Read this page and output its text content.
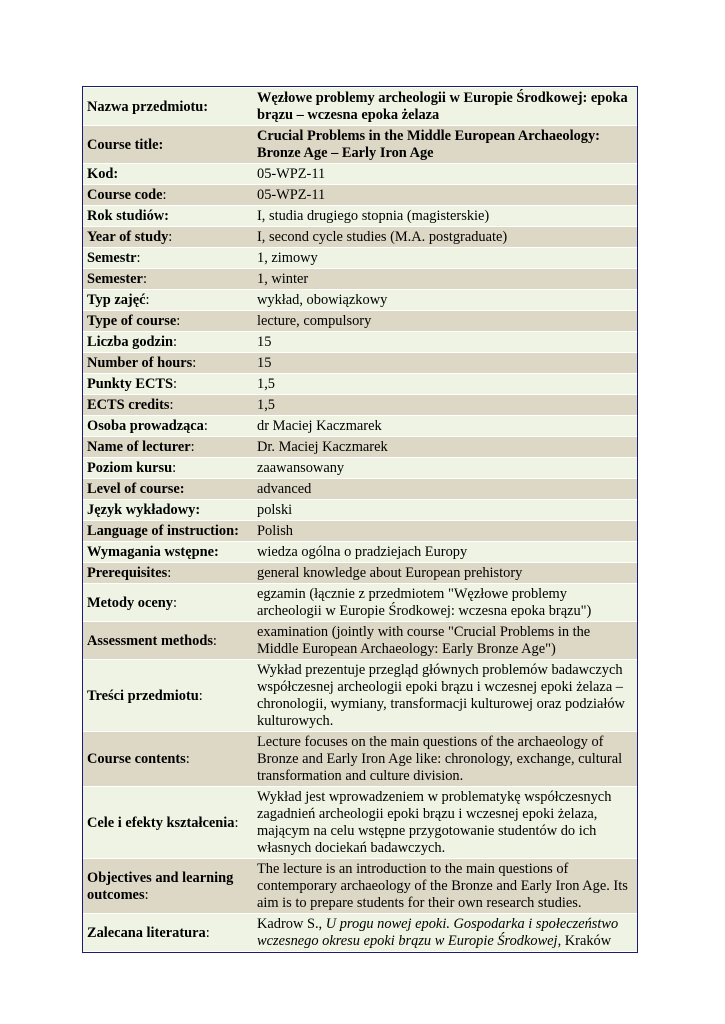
Nazwa przedmiotu:	Węzłowe problemy archeologii w Europie Środkowej: epoka brązu – wczesna epoka żelaza
Course title:	Crucial Problems in the Middle European Archaeology: Bronze Age – Early Iron Age
Kod:	05-WPZ-11
Course code:	05-WPZ-11
Rok studiów:	I, studia drugiego stopnia (magisterskie)
Year of study:	I, second cycle studies (M.A. postgraduate)
Semestr:	1, zimowy
Semester:	1, winter
Typ zajęć:	wykład, obowiązkowy
Type of course:	lecture, compulsory
Liczba godzin:	15
Number of hours:	15
Punkty ECTS:	1,5
ECTS credits:	1,5
Osoba prowadząca:	dr Maciej Kaczmarek
Name of lecturer:	Dr. Maciej Kaczmarek
Poziom kursu:	zaawansowany
Level of course:	advanced
Język wykładowy:	polski
Language of instruction:	Polish
Wymagania wstępne:	wiedza ogólna o pradziejach Europy
Prerequisites:	general knowledge about European prehistory
Metody oceny:	egzamin (łącznie z przedmiotem "Węzłowe problemy archeologii w Europie Środkowej: wczesna epoka brązu")
Assessment methods:	examination (jointly with course "Crucial Problems in the Middle European Archaeology: Early Bronze Age")
Treści przedmiotu:	Wykład prezentuje przegląd głównych problemów badawczych współczesnej archeologii epoki brązu i wczesnej epoki żelaza – chronologii, wymiany, transformacji kulturowej oraz podziałów kulturowych.
Course contents:	Lecture focuses on the main questions of the archaeology of Bronze and Early Iron Age like: chronology, exchange, cultural transformation and culture division.
Cele i efekty kształcenia:	Wykład jest wprowadzeniem w problematykę współczesnych zagadnień archeologii epoki brązu i wczesnej epoki żelaza, mającym na celu wstępne przygotowanie studentów do ich własnych dociekań badawczych.
Objectives and learning outcomes:	The lecture is an introduction to the main questions of contemporary archaeology of the Bronze and Early Iron Age. Its aim is to prepare students for their own research studies.
Zalecana literatura:	Kadrow S., U progu nowej epoki. Gospodarka i społeczeństwo wczesnego okresu epoki brązu w Europie Środkowej, Kraków
